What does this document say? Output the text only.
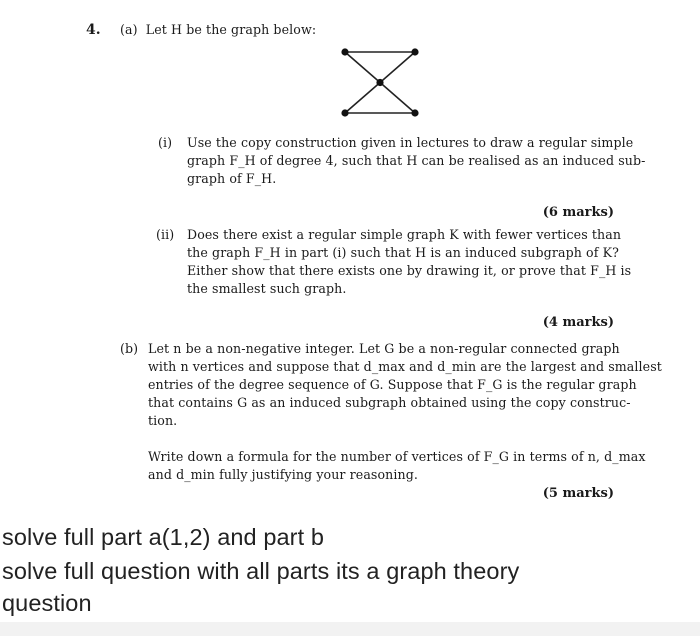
4. (a) Let H be the graph below:
(i) Use the copy construction given in lectures to draw a regular simple
graph F_H of degree 4, such that H can be realised as an induced sub-
graph of F_H.
(6 marks)
(ii) Does there exist a regular simple graph K with fewer vertices than
the graph F_H in part (i) such that H is an induced subgraph of K?
Either show that there exists one by drawing it, or prove that F_H is
the smallest such graph.
(4 marks)
(b) Let n be a non-negative integer. Let G be a non-regular connected graph
with n vertices and suppose that d_max and d_min are the largest and smallest
entries of the degree sequence of G. Suppose that F_G is the regular graph
that contains G as an induced subgraph obtained using the copy construc-
tion.
Write down a formula for the number of vertices of F_G in terms of n, d_max
and d_min fully justifying your reasoning.
(5 marks)
solve full part a(1,2) and part b
solve full question with all parts its a graph theory
question
